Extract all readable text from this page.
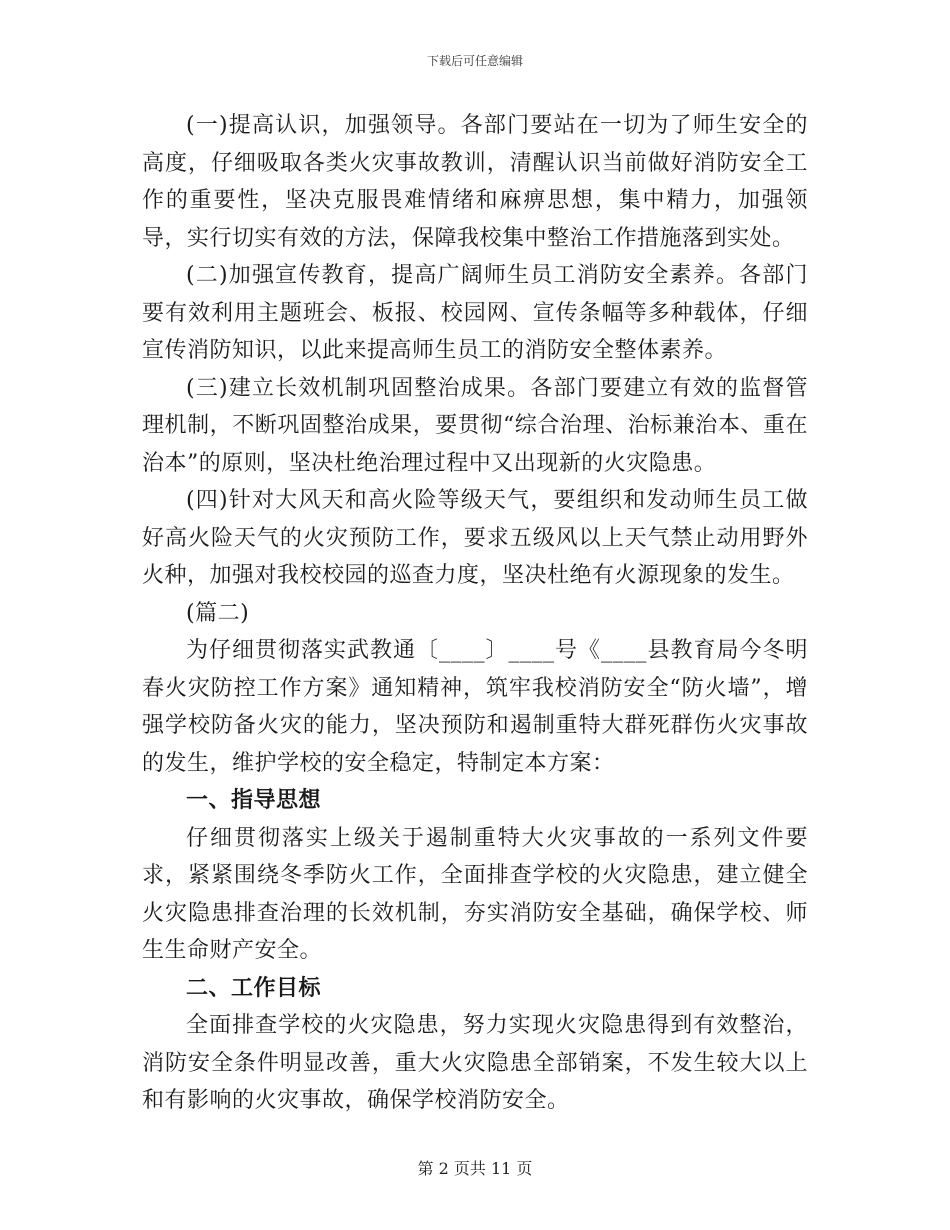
下载后可任意编辑

(一)提高认识，加强领导。各部门要站在一切为了师生安全的高度，仔细吸取各类火灾事故教训，清醒认识当前做好消防安全工作的重要性，坚决克服畏难情绪和麻痹思想，集中精力，加强领导，实行切实有效的方法，保障我校集中整治工作措施落到实处。

(二)加强宣传教育，提高广阔师生员工消防安全素养。各部门要有效利用主题班会、板报、校园网、宣传条幅等多种载体，仔细宣传消防知识，以此来提高师生员工的消防安全整体素养。

(三)建立长效机制巩固整治成果。各部门要建立有效的监督管理机制，不断巩固整治成果，要贯彻“综合治理、治标兼治本、重在治本”的原则，坚决杜绝治理过程中又出现新的火灾隐患。

(四)针对大风天和高火险等级天气，要组织和发动师生员工做好高火险天气的火灾预防工作，要求五级风以上天气禁止动用野外火种，加强对我校校园的巡查力度，坚决杜绝有火源现象的发生。

(篇二)

为仔细贯彻落实武教通〔____〕____号《____县教育局今冬明春火灾防控工作方案》通知精神，筑牢我校消防安全“防火墙”，增强学校防备火灾的能力，坚决预防和遏制重特大群死群伤火灾事故的发生，维护学校的安全稳定，特制定本方案：

一、指导思想

仔细贯彻落实上级关于遏制重特大火灾事故的一系列文件要求，紧紧围绕冬季防火工作，全面排查学校的火灾隐患，建立健全火灾隐患排查治理的长效机制，夯实消防安全基础，确保学校、师生生命财产安全。

二、工作目标

全面排查学校的火灾隐患，努力实现火灾隐患得到有效整治，消防安全条件明显改善，重大火灾隐患全部销案，不发生较大以上和有影响的火灾事故，确保学校消防安全。

第 2 页共 11 页
